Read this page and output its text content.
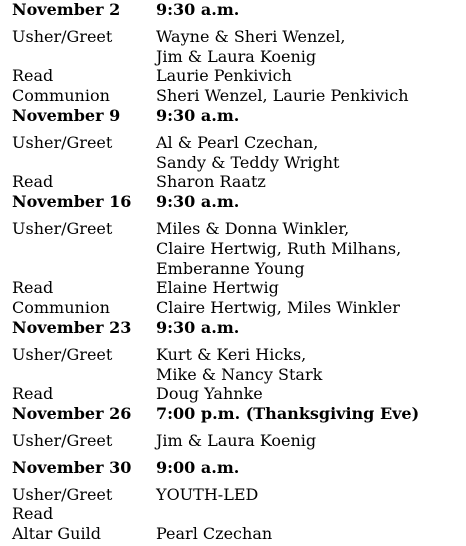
November 2	9:30 a.m.
Usher/Greet	Wayne & Sheri Wenzel,
Jim & Laura Koenig
Read	Laurie Penkivich
Communion	Sheri Wenzel, Laurie Penkivich
November 9	9:30 a.m.
Usher/Greet	Al & Pearl Czechan,
Sandy & Teddy Wright
Read	Sharon Raatz
November 16	9:30 a.m.
Usher/Greet	Miles & Donna Winkler,
Claire Hertwig, Ruth Milhans,
Emberanne Young
Read	Elaine Hertwig
Communion	Claire Hertwig, Miles Winkler
November 23	9:30 a.m.
Usher/Greet	Kurt & Keri Hicks,
Mike & Nancy Stark
Read	Doug Yahnke
November 26	7:00 p.m. (Thanksgiving Eve)
Usher/Greet	Jim & Laura Koenig
November 30	9:00 a.m.
Usher/Greet	YOUTH-LED
Read
Altar Guild	Pearl Czechan
